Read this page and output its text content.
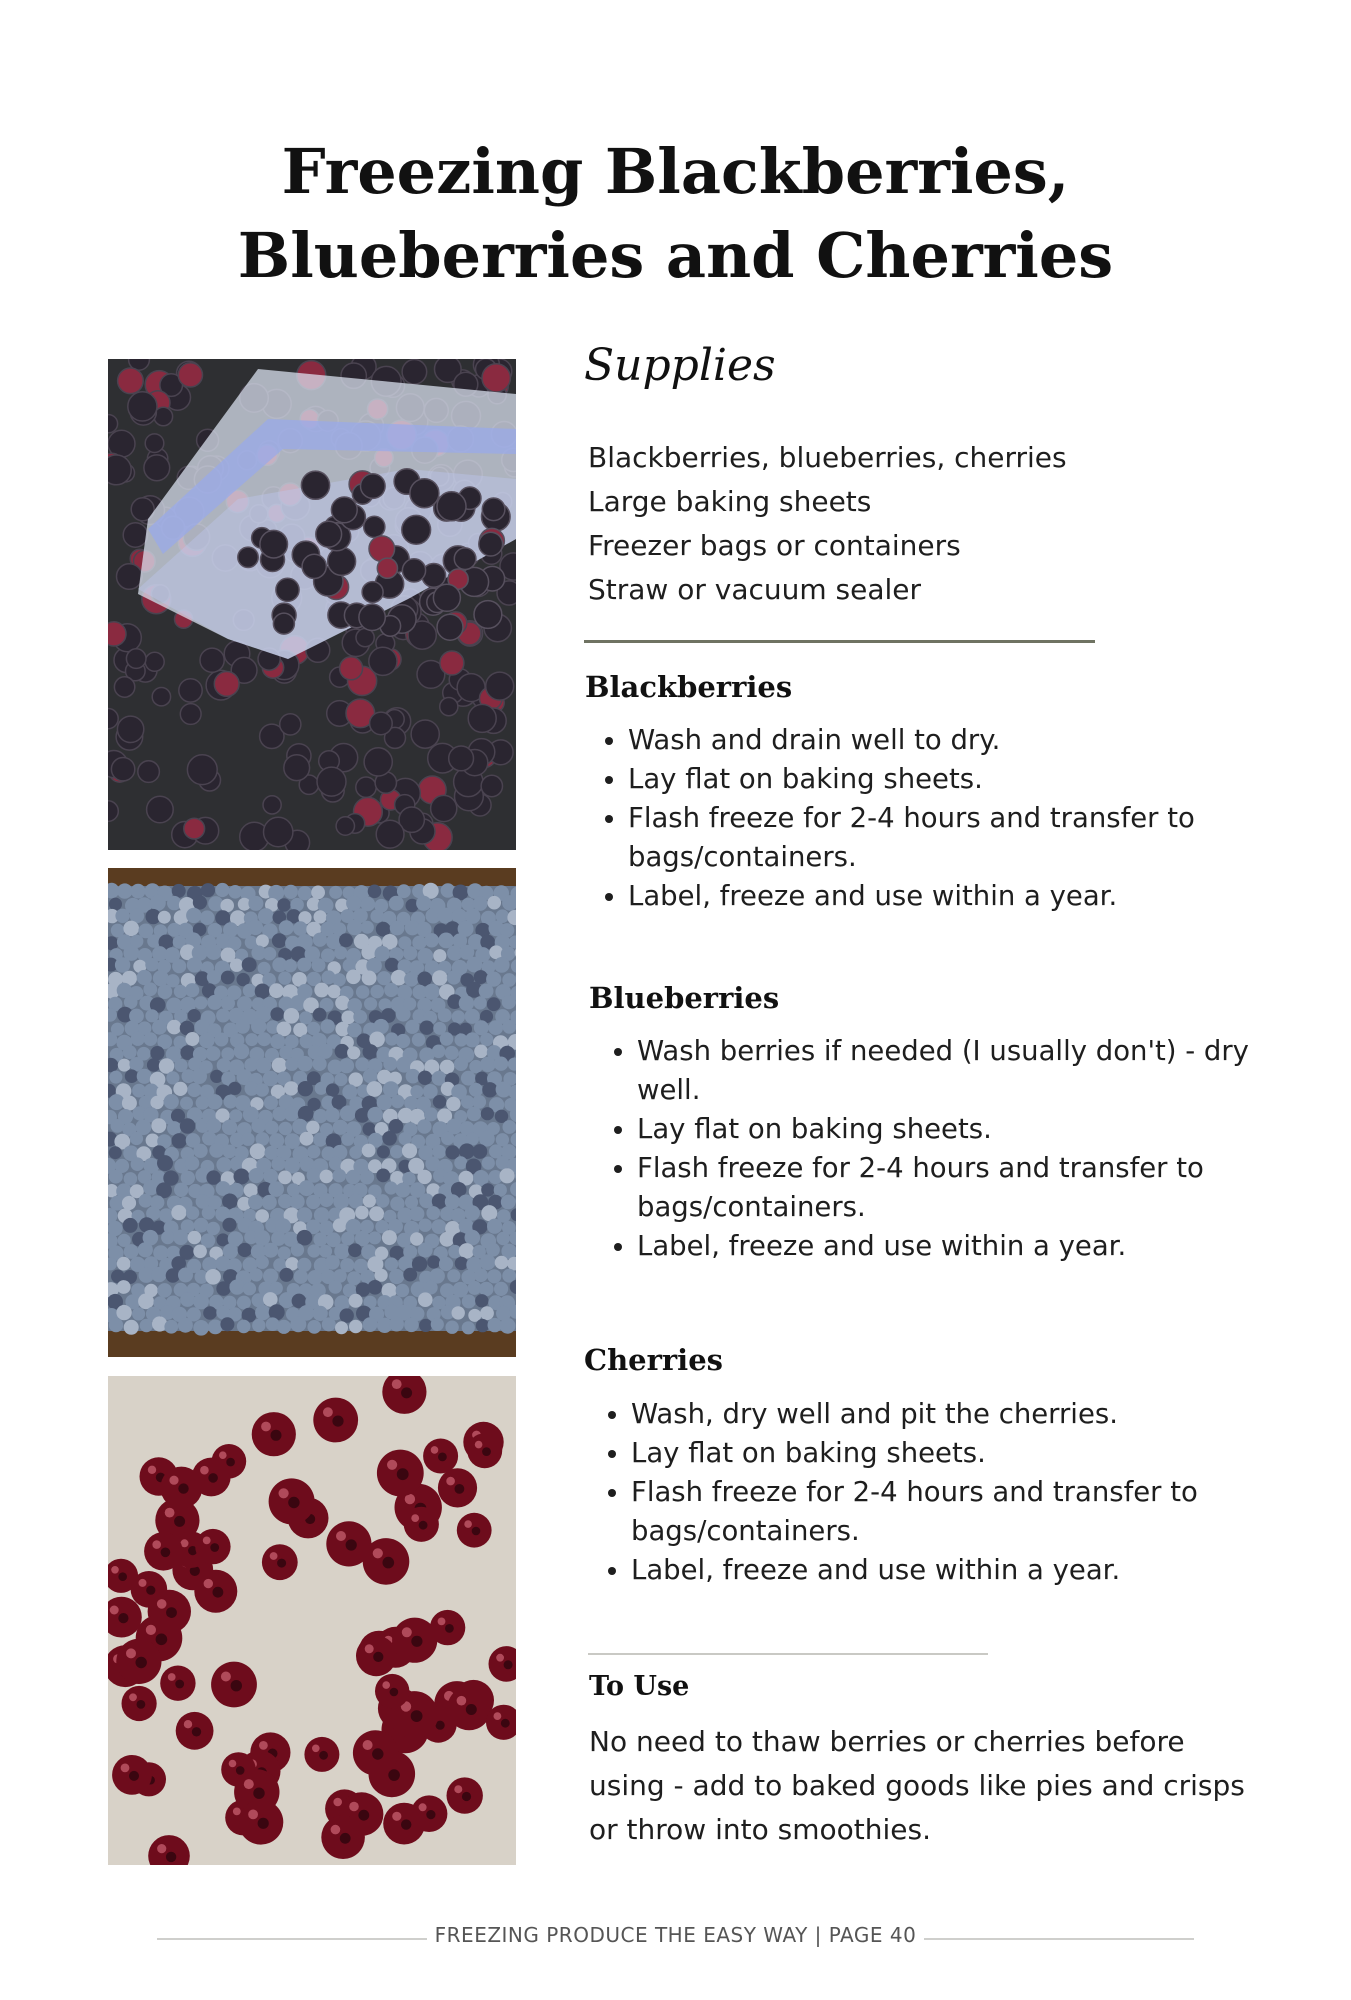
Freezing Blackberries,
Blueberries and Cherries
Supplies
Blackberries, blueberries, cherries
Large baking sheets
Freezer bags or containers
Straw or vacuum sealer
Blackberries
• Wash and drain well to dry.
• Lay flat on baking sheets.
• Flash freeze for 2-4 hours and transfer to bags/containers.
• Label, freeze and use within a year.
Blueberries
• Wash berries if needed (I usually don't) - dry well.
• Lay flat on baking sheets.
• Flash freeze for 2-4 hours and transfer to bags/containers.
• Label, freeze and use within a year.
Cherries
• Wash, dry well and pit the cherries.
• Lay flat on baking sheets.
• Flash freeze for 2-4 hours and transfer to bags/containers.
• Label, freeze and use within a year.
To Use

No need to thaw berries or cherries before using - add to baked goods like pies and crisps or throw into smoothies.

FREEZING PRODUCE THE EASY WAY | PAGE 40
